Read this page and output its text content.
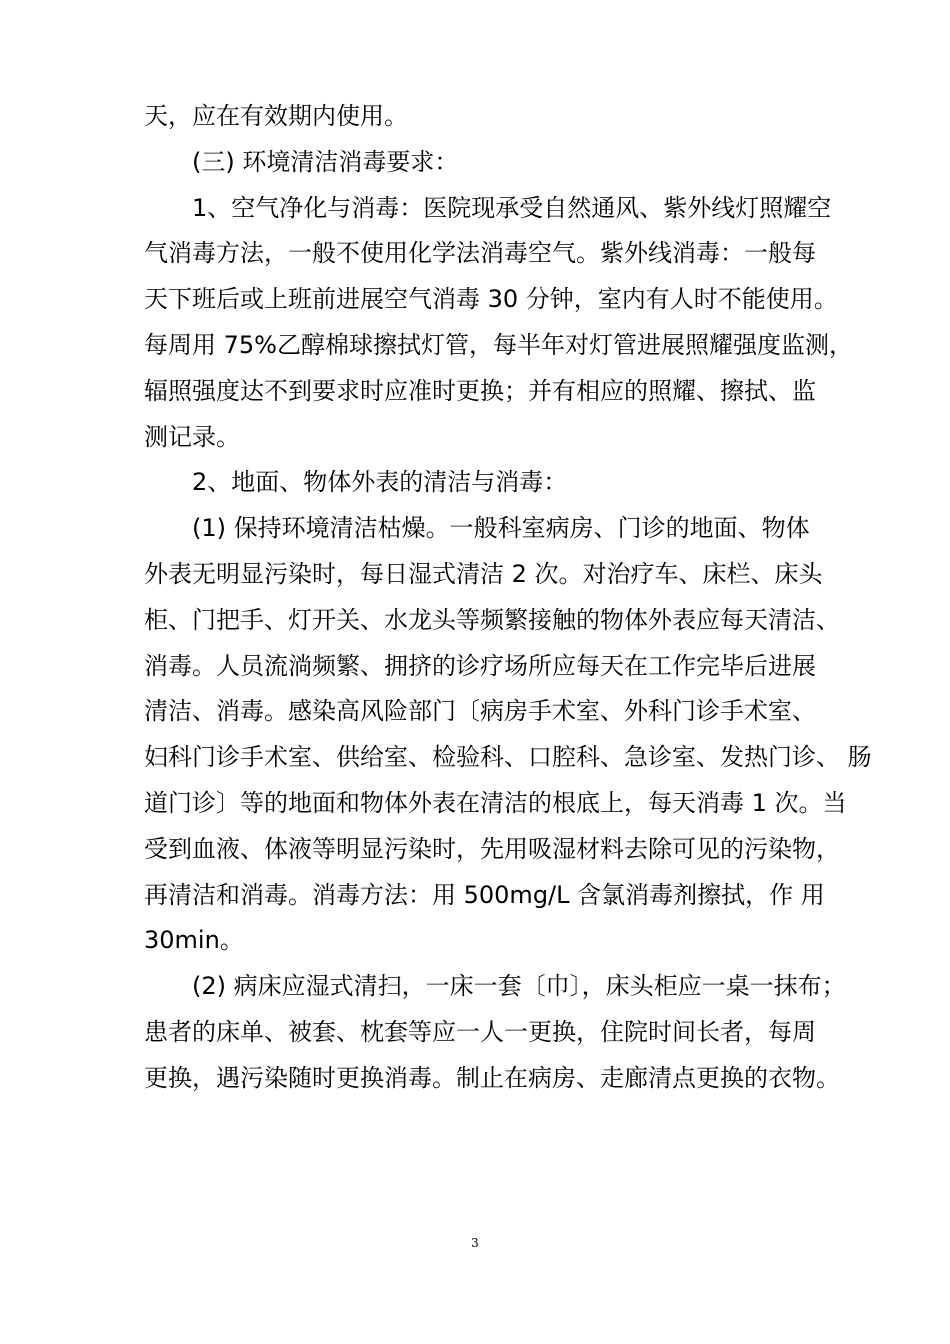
天，应在有效期内使用。
　　(三) 环境清洁消毒要求：
　　1、空气净化与消毒：医院现承受自然通风、紫外线灯照耀空
气消毒方法，一般不使用化学法消毒空气。紫外线消毒：一般每
天下班后或上班前进展空气消毒 30 分钟，室内有人时不能使用。
每周用 75%乙醇棉球擦拭灯管，每半年对灯管进展照耀强度监测，
辐照强度达不到要求时应准时更换；并有相应的照耀、擦拭、监
测记录。
　　2、地面、物体外表的清洁与消毒：
　　(1) 保持环境清洁枯燥。一般科室病房、门诊的地面、物体
外表无明显污染时，每日湿式清洁 2 次。对治疗车、床栏、床头
柜、门把手、灯开关、水龙头等频繁接触的物体外表应每天清洁、
消毒。人员流淌频繁、拥挤的诊疗场所应每天在工作完毕后进展
清洁、消毒。感染高风险部门〔病房手术室、外科门诊手术室、
妇科门诊手术室、供给室、检验科、口腔科、急诊室、发热门诊、 肠
道门诊〕等的地面和物体外表在清洁的根底上，每天消毒 1 次。当
受到血液、体液等明显污染时，先用吸湿材料去除可见的污染物，
再清洁和消毒。消毒方法：用 500mg/L 含氯消毒剂擦拭，作 用
30min。
　　(2) 病床应湿式清扫，一床一套〔巾〕，床头柜应一桌一抹布；
患者的床单、被套、枕套等应一人一更换，住院时间长者，每周
更换，遇污染随时更换消毒。制止在病房、走廊清点更换的衣物。
3
